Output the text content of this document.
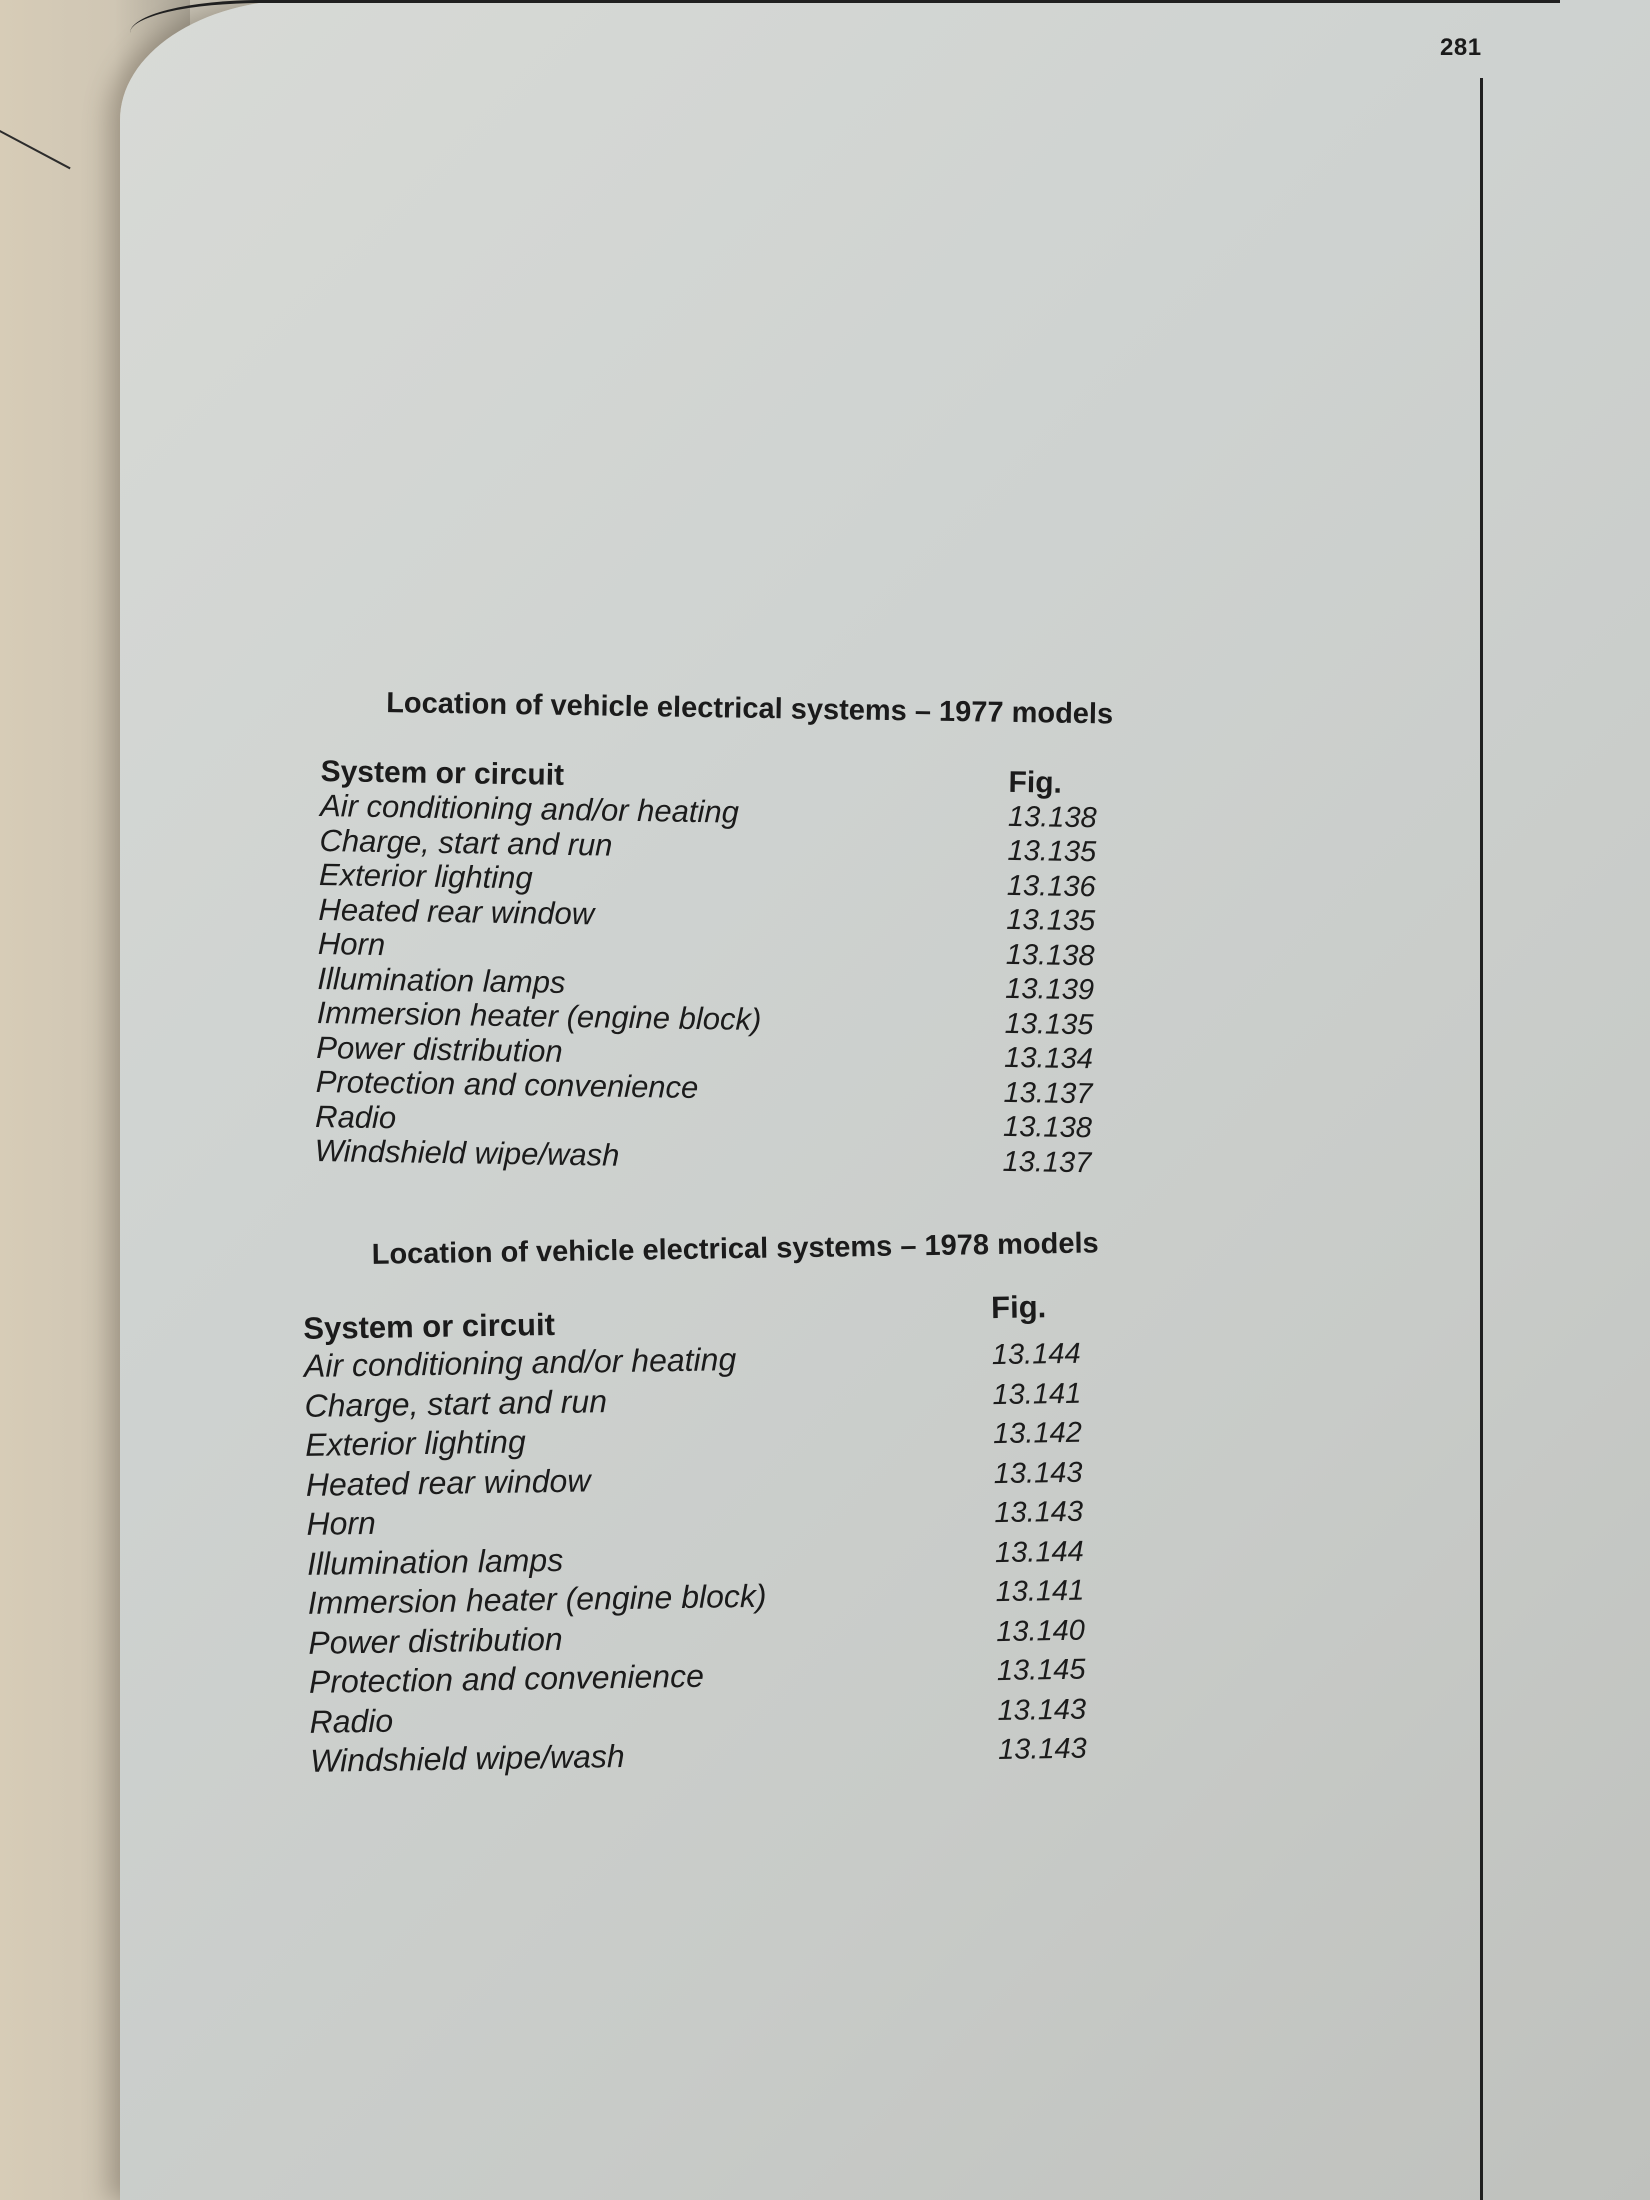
281
Location of vehicle electrical systems – 1977 models
System or circuit	Fig.
Air conditioning and/or heating	13.138
Charge, start and run	13.135
Exterior lighting	13.136
Heated rear window	13.135
Horn	13.138
Illumination lamps	13.139
Immersion heater (engine block)	13.135
Power distribution	13.134
Protection and convenience	13.137
Radio	13.138
Windshield wipe/wash	13.137
Location of vehicle electrical systems – 1978 models
System or circuit	Fig.
Air conditioning and/or heating	13.144
Charge, start and run	13.141
Exterior lighting	13.142
Heated rear window	13.143
Horn	13.143
Illumination lamps	13.144
Immersion heater (engine block)	13.141
Power distribution	13.140
Protection and convenience	13.145
Radio	13.143
Windshield wipe/wash	13.143
